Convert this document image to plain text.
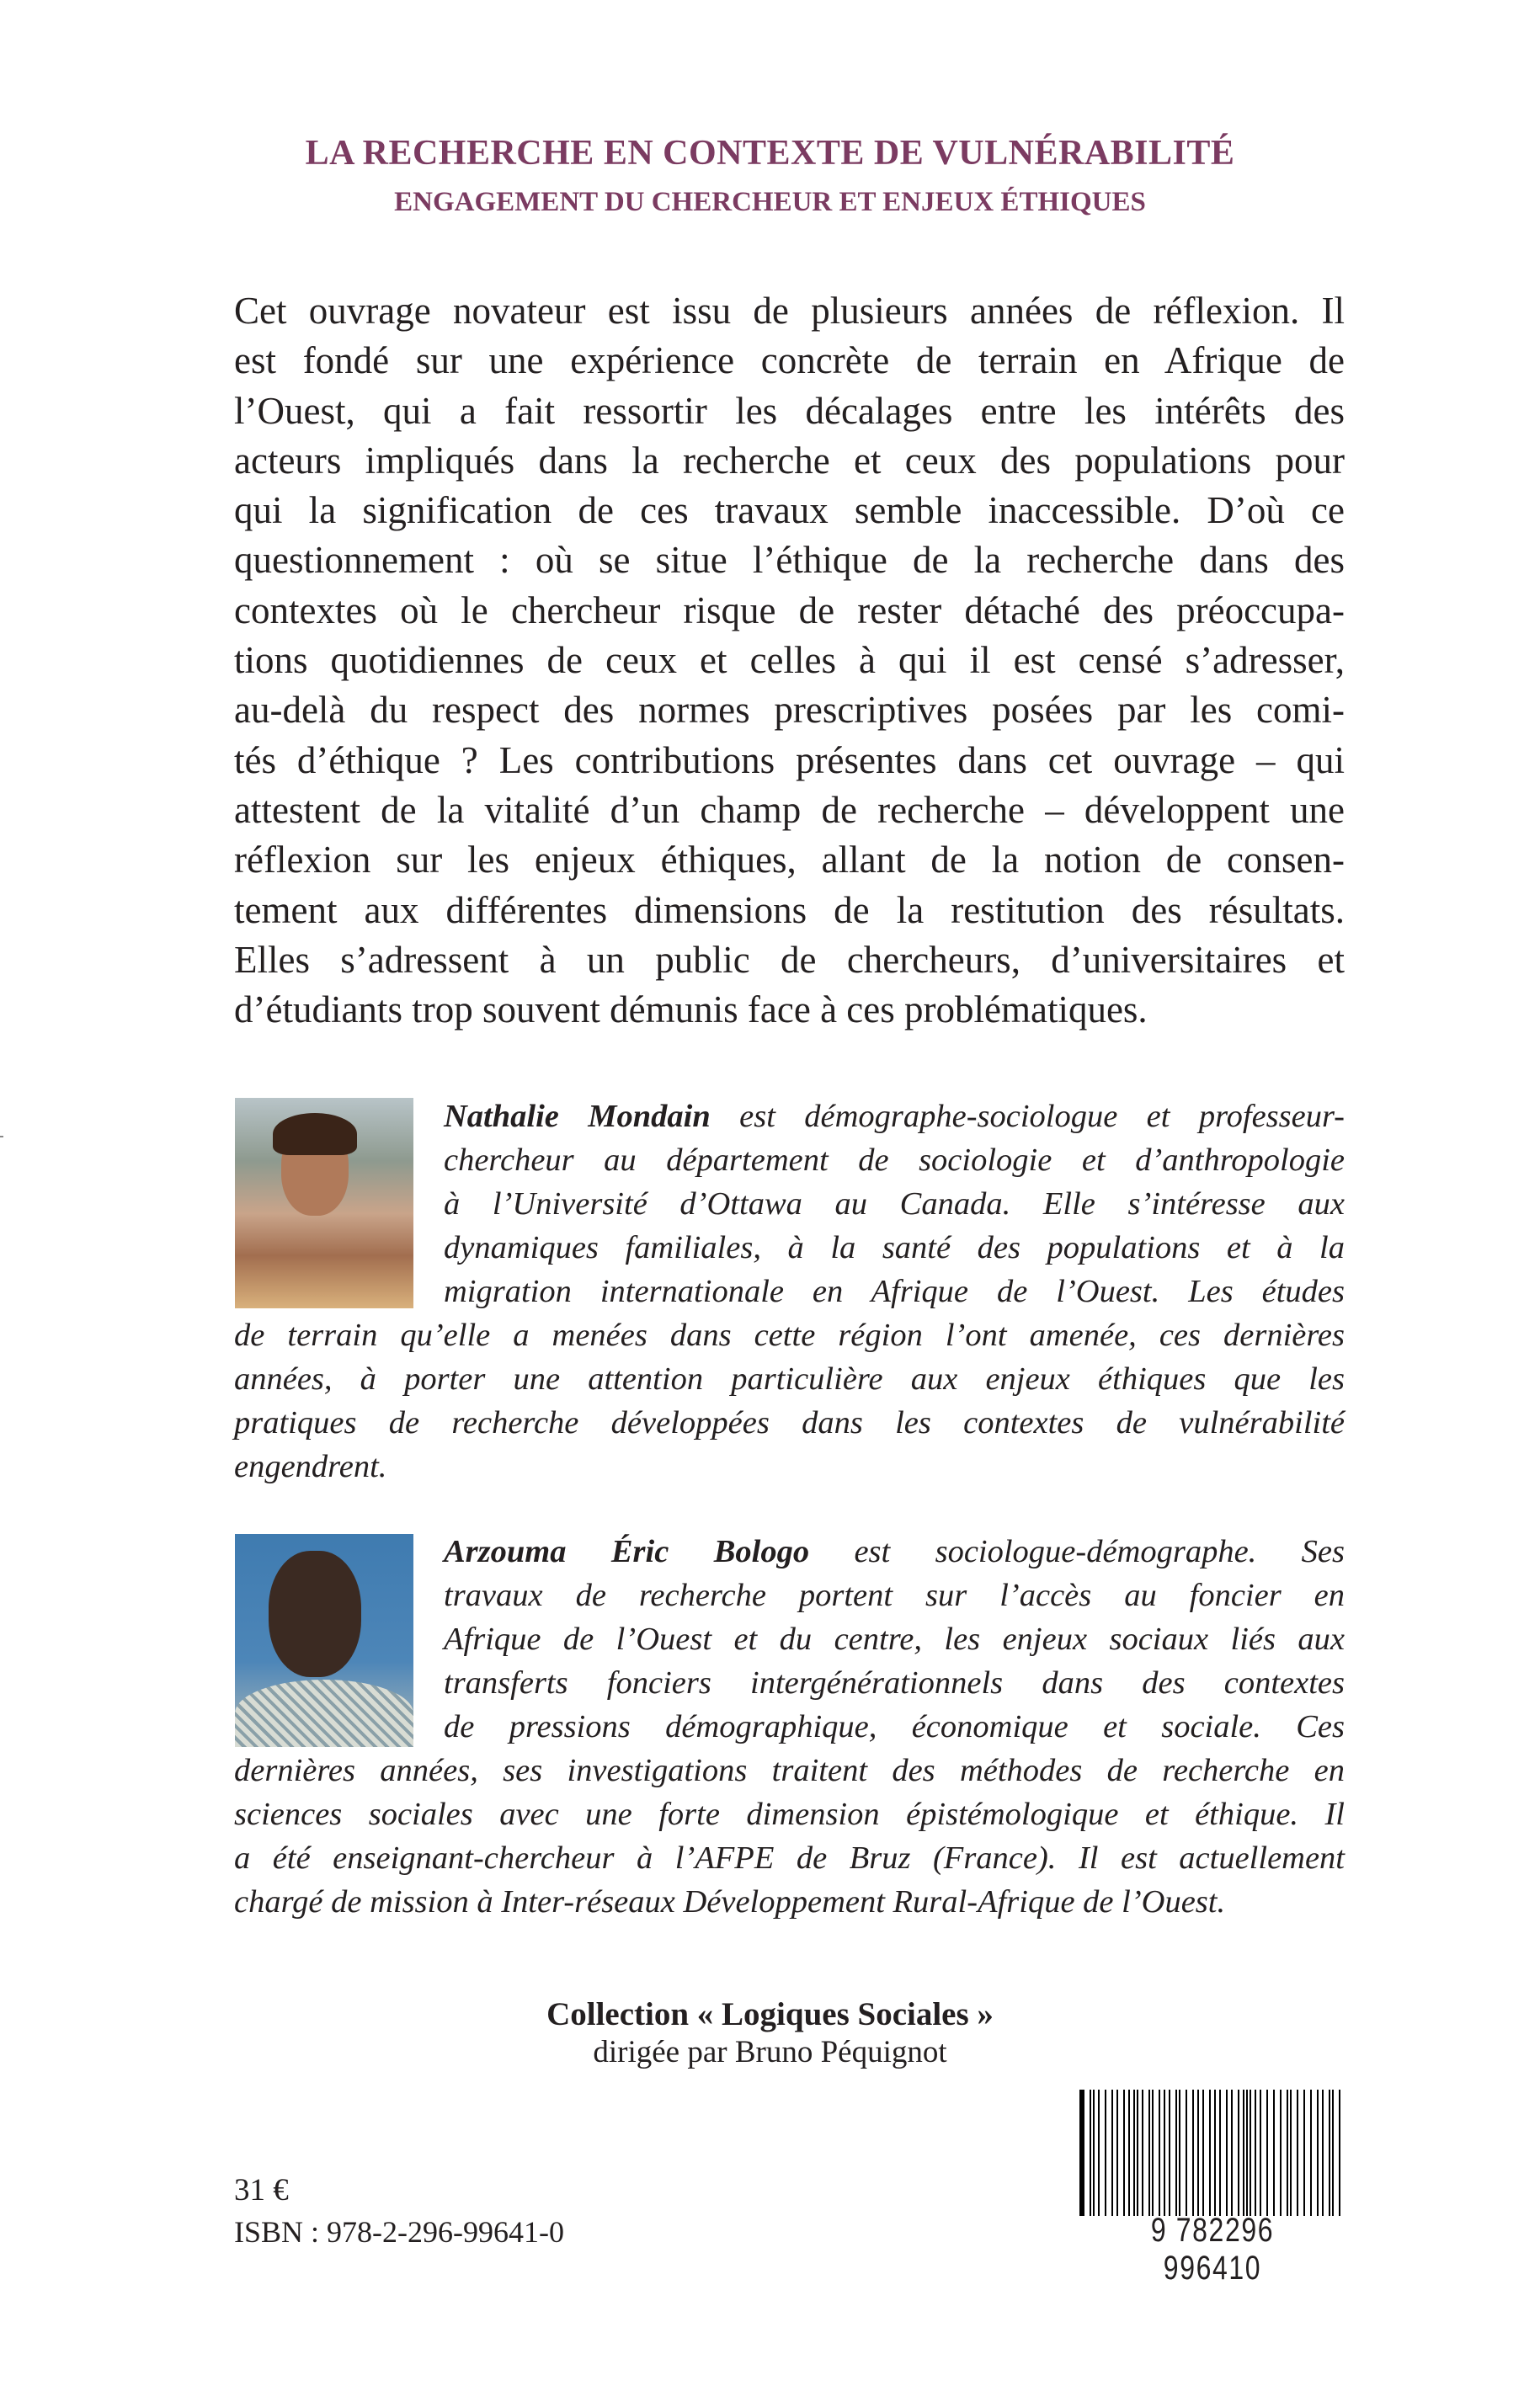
LA RECHERCHE EN CONTEXTE DE VULNÉRABILITÉ
ENGAGEMENT DU CHERCHEUR ET ENJEUX ÉTHIQUES
Cet ouvrage novateur est issu de plusieurs années de réflexion. Il
est fondé sur une expérience concrète de terrain en Afrique de
l’Ouest, qui a fait ressortir les décalages entre les intérêts des
acteurs impliqués dans la recherche et ceux des populations pour
qui la signification de ces travaux semble inaccessible. D’où ce
questionnement : où se situe l’éthique de la recherche dans des
contextes où le chercheur risque de rester détaché des préoccupa-
tions quotidiennes de ceux et celles à qui il est censé s’adresser,
au-delà du respect des normes prescriptives posées par les comi-
tés d’éthique ? Les contributions présentes dans cet ouvrage – qui
attestent de la vitalité d’un champ de recherche – développent une
réflexion sur les enjeux éthiques, allant de la notion de consen-
tement aux différentes dimensions de la restitution des résultats.
Elles s’adressent à un public de chercheurs, d’universitaires et
d’étudiants trop souvent démunis face à ces problématiques.
Nathalie Mondain est démographe-sociologue et professeur-
chercheur au département de sociologie et d’anthropologie
à l’Université d’Ottawa au Canada. Elle s’intéresse aux
dynamiques familiales, à la santé des populations et à la
migration internationale en Afrique de l’Ouest. Les études
de terrain qu’elle a menées dans cette région l’ont amenée, ces dernières
années, à porter une attention particulière aux enjeux éthiques que les
pratiques de recherche développées dans les contextes de vulnérabilité
engendrent.
Arzouma Éric Bologo est sociologue-démographe. Ses
travaux de recherche portent sur l’accès au foncier en
Afrique de l’Ouest et du centre, les enjeux sociaux liés aux
transferts fonciers intergénérationnels dans des contextes
de pressions démographique, économique et sociale. Ces
dernières années, ses investigations traitent des méthodes de recherche en
sciences sociales avec une forte dimension épistémologique et éthique. Il
a été enseignant-chercheur à l’AFPE de Bruz (France). Il est actuellement
chargé de mission à Inter-réseaux Développement Rural-Afrique de l’Ouest.
Collection « Logiques Sociales »
dirigée par Bruno Péquignot
31 €
ISBN : 978-2-296-99641-0	9 782296 996410
